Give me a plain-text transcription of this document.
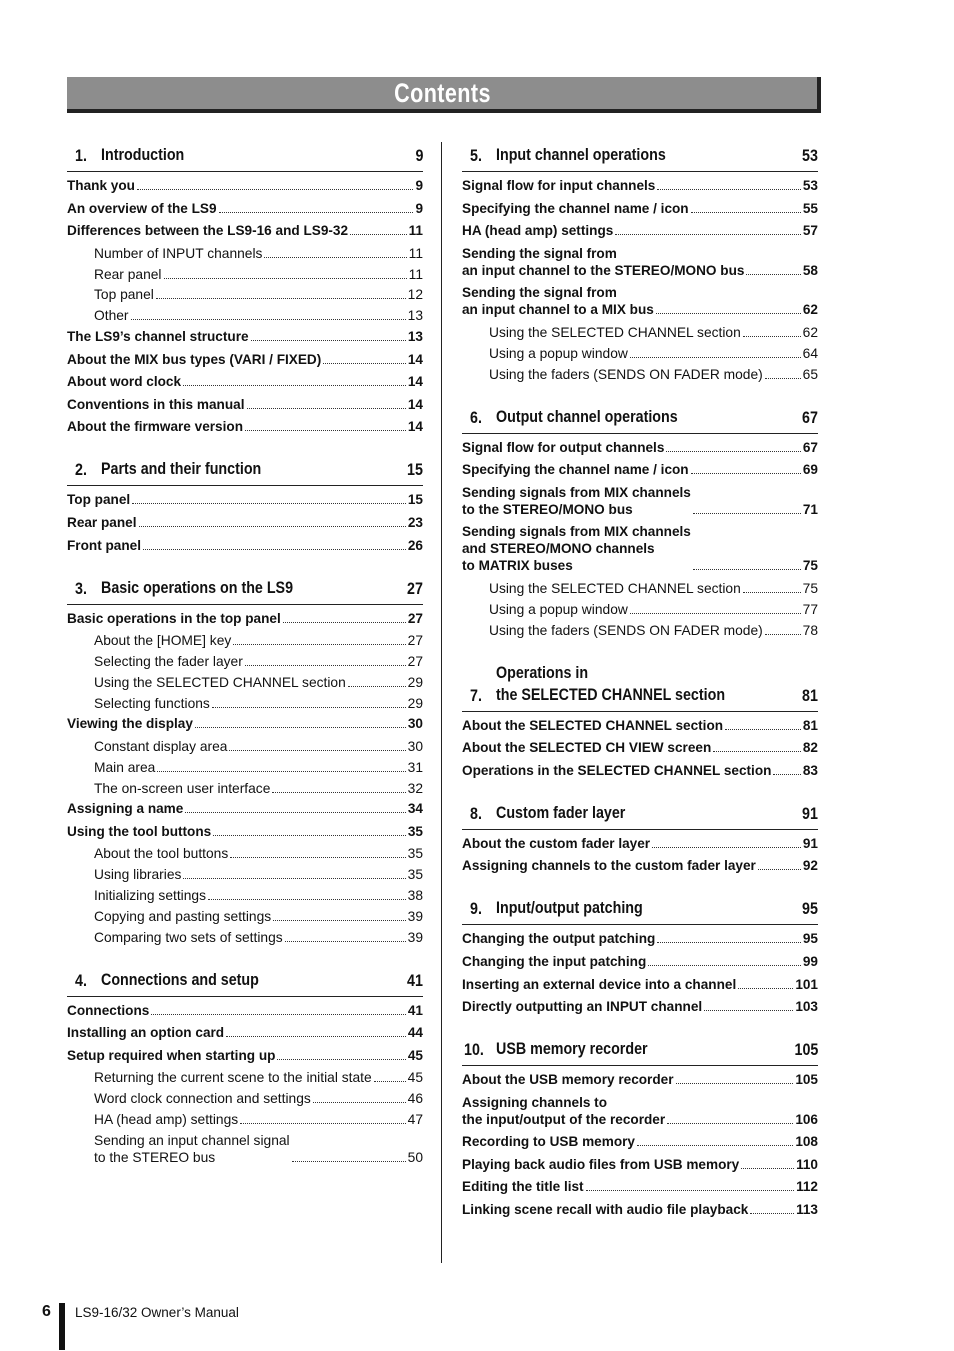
Contents
1. Introduction	9
Thank you	9
An overview of the LS9	9
Differences between the LS9-16 and LS9-32	11
Number of INPUT channels	11
Rear panel	11
Top panel	12
Other	13
The LS9’s channel structure	13
About the MIX bus types (VARI / FIXED)	14
About word clock	14
Conventions in this manual	14
About the firmware version	14
2. Parts and their function	15
Top panel	15
Rear panel	23
Front panel	26
3. Basic operations on the LS9	27
Basic operations in the top panel	27
About the [HOME] key	27
Selecting the fader layer	27
Using the SELECTED CHANNEL section	29
Selecting functions	29
Viewing the display	30
Constant display area	30
Main area	31
The on-screen user interface	32
Assigning a name	34
Using the tool buttons	35
About the tool buttons	35
Using libraries	35
Initializing settings	38
Copying and pasting settings	39
Comparing two sets of settings	39
4. Connections and setup	41
Connections	41
Installing an option card	44
Setup required when starting up	45
Returning the current scene to the initial state	45
Word clock connection and settings	46
HA (head amp) settings	47
Sending an input channel signal
to the STEREO bus	50
5. Input channel operations	53
Signal flow for input channels	53
Specifying the channel name / icon	55
HA (head amp) settings	57
Sending the signal from
an input channel to the STEREO/MONO bus	58
Sending the signal from
an input channel to a MIX bus	62
Using the SELECTED CHANNEL section	62
Using a popup window	64
Using the faders (SENDS ON FADER mode)	65
6. Output channel operations	67
Signal flow for output channels	67
Specifying the channel name / icon	69
Sending signals from MIX channels
to the STEREO/MONO bus	71
Sending signals from MIX channels
and STEREO/MONO channels
to MATRIX buses	75
Using the SELECTED CHANNEL section	75
Using a popup window	77
Using the faders (SENDS ON FADER mode)	78
7.
Operations in
the SELECTED CHANNEL section	81
About the SELECTED CHANNEL section	81
About the SELECTED CH VIEW screen	82
Operations in the SELECTED CHANNEL section 83
8. Custom fader layer	91
About the custom fader layer	91
Assigning channels to the custom fader layer	92
9. Input/output patching	95
Changing the output patching	95
Changing the input patching	99
Inserting an external device into a channel	101
Directly outputting an INPUT channel	103
10. USB memory recorder	105
About the USB memory recorder	105
Assigning channels to
the input/output of the recorder	106
Recording to USB memory	108
Playing back audio files from USB memory	110
Editing the title list	112
Linking scene recall with audio file playback	113
6 LS9-16/32 Owner’s Manual
